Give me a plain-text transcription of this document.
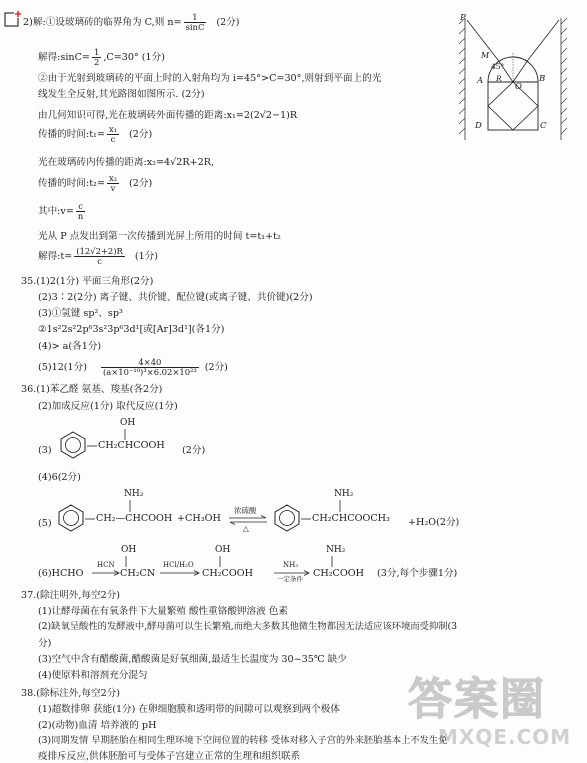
2)解:①设玻璃砖的临界角为 C,则 $n= \frac{1}{\sin C} (2$分)
解得:sinC= $\frac{1}{2} ,C=30^\circ$ (1分)
②由于光射到玻璃砖的平面上时的入射角均为 i=45°>C=30°,则射到平面上的光
线发生全反射,其光路图如图所示. (2分)
由几何知识可得,光在玻璃砖外面传播的距离:x₁=2(2√2−1)R
传播的时间:t₁= $\frac{\text{x₁}}{c} (2$分)
光在玻璃砖内传播的距离:x₂=4√2R+2R,
传播的时间:t₂= $\frac{\text{x₂}}{v} (2$分)
其中:v= $\frac{c}{n}$
光从 P 点发出到第一次传播到光屏上所用的时间 t=t₁+t₂
解得:t= $\frac{(12√2+2)R}{c} (1$分)
P
M
45°
A R
O
B
D	C
35.(1)2(1分) 平面三角形(2分)
(2)3∶2(2分) 离子键、共价键、配位键(或离子键、共价键)(2分)
(3)①氢键 sp²、sp³
②1s²2s²2p⁶3s²3p⁶3d¹[或[Ar]3d¹](各1分)
(4)> a(各1分)
(5)12(1分) $\frac{4\times 40}{\text{(a×10⁻¹⁰)³×6.02×10²³}} (2$分)
36.(1)苯乙醛 氨基、羧基(各2分)
(2)加成反应(1分) 取代反应(1分)
(3)	CH₂CHCOOH
OH
(2分)
(4)6(2分)
(5)	CH₂—CHCOOH
NH₂
+CH₃OH
浓硫酸
△
CH₂CHCOOCH₃
NH₂
+H₂O(2分)
(6)HCHO
HCN
OH
CH₂CN
HCl/H₂O
OH
CH₂COOH
NH₃
一定条件
NH₂
CH₂COOH (3分,每个步骤1分)
37.(除注明外,每空2分)
(1)让酵母菌在有氧条件下大量繁殖 酸性重铬酸钾溶液 色素
(2)缺氧呈酸性的发酵液中,酵母菌可以生长繁殖,而绝大多数其他微生物都因无法适应该环境而受抑制(3
分)
(3)空气中含有醋酸菌,醋酸菌是好氧细菌,最适生长温度为 30~35℃ 缺少
(4)使原料和溶剂充分混匀
38.(除标注外,每空2分)
(1)超数排卵 获能(1分) 在卵细胞膜和透明带的间隙可以观察到两个极体
(2)(动物)血清 培养液的 pH
(3)同期发情 早期胚胎在相同生理环境下空间位置的转移 受体对移入子宫的外来胚胎基本上不发生免
疫排斥反应,供体胚胎可与受体子宫建立正常的生理和组织联系
答案圈
MXQE.COM
